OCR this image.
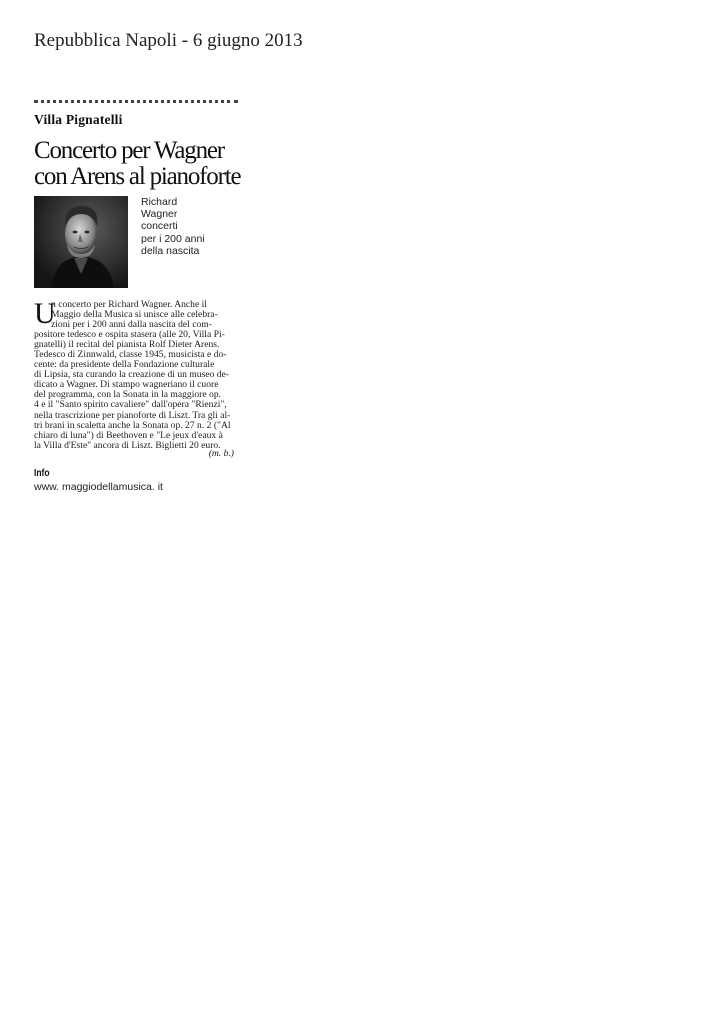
Repubblica Napoli - 6 giugno 2013
Villa Pignatelli
Concerto per Wagner
con Arens al pianoforte
Richard
Wagner
concerti
per i 200 anni
della nascita
U
n concerto per Richard Wagner. Anche il
Maggio della Musica si unisce alle celebra-
zioni per i 200 anni dalla nascita del com-
positore tedesco e ospita stasera (alle 20, Villa Pi-
gnatelli) il recital del pianista Rolf Dieter Arens.
Tedesco di Zinnwald, classe 1945, musicista e do-
cente: da presidente della Fondazione culturale
di Lipsia, sta curando la creazione di un museo de-
dicato a Wagner. Di stampo wagneriano il cuore
del programma, con la Sonata in la maggiore op.
4 e il "Santo spirito cavaliere" dall'opera "Rienzi",
nella trascrizione per pianoforte di Liszt. Tra gli al-
tri brani in scaletta anche la Sonata op. 27 n. 2 ("Al
chiaro di luna") di Beethoven e "Le jeux d'eaux à
la Villa d'Este" ancora di Liszt. Biglietti 20 euro.
(m. b.)
Info
www. maggiodellamusica. it
